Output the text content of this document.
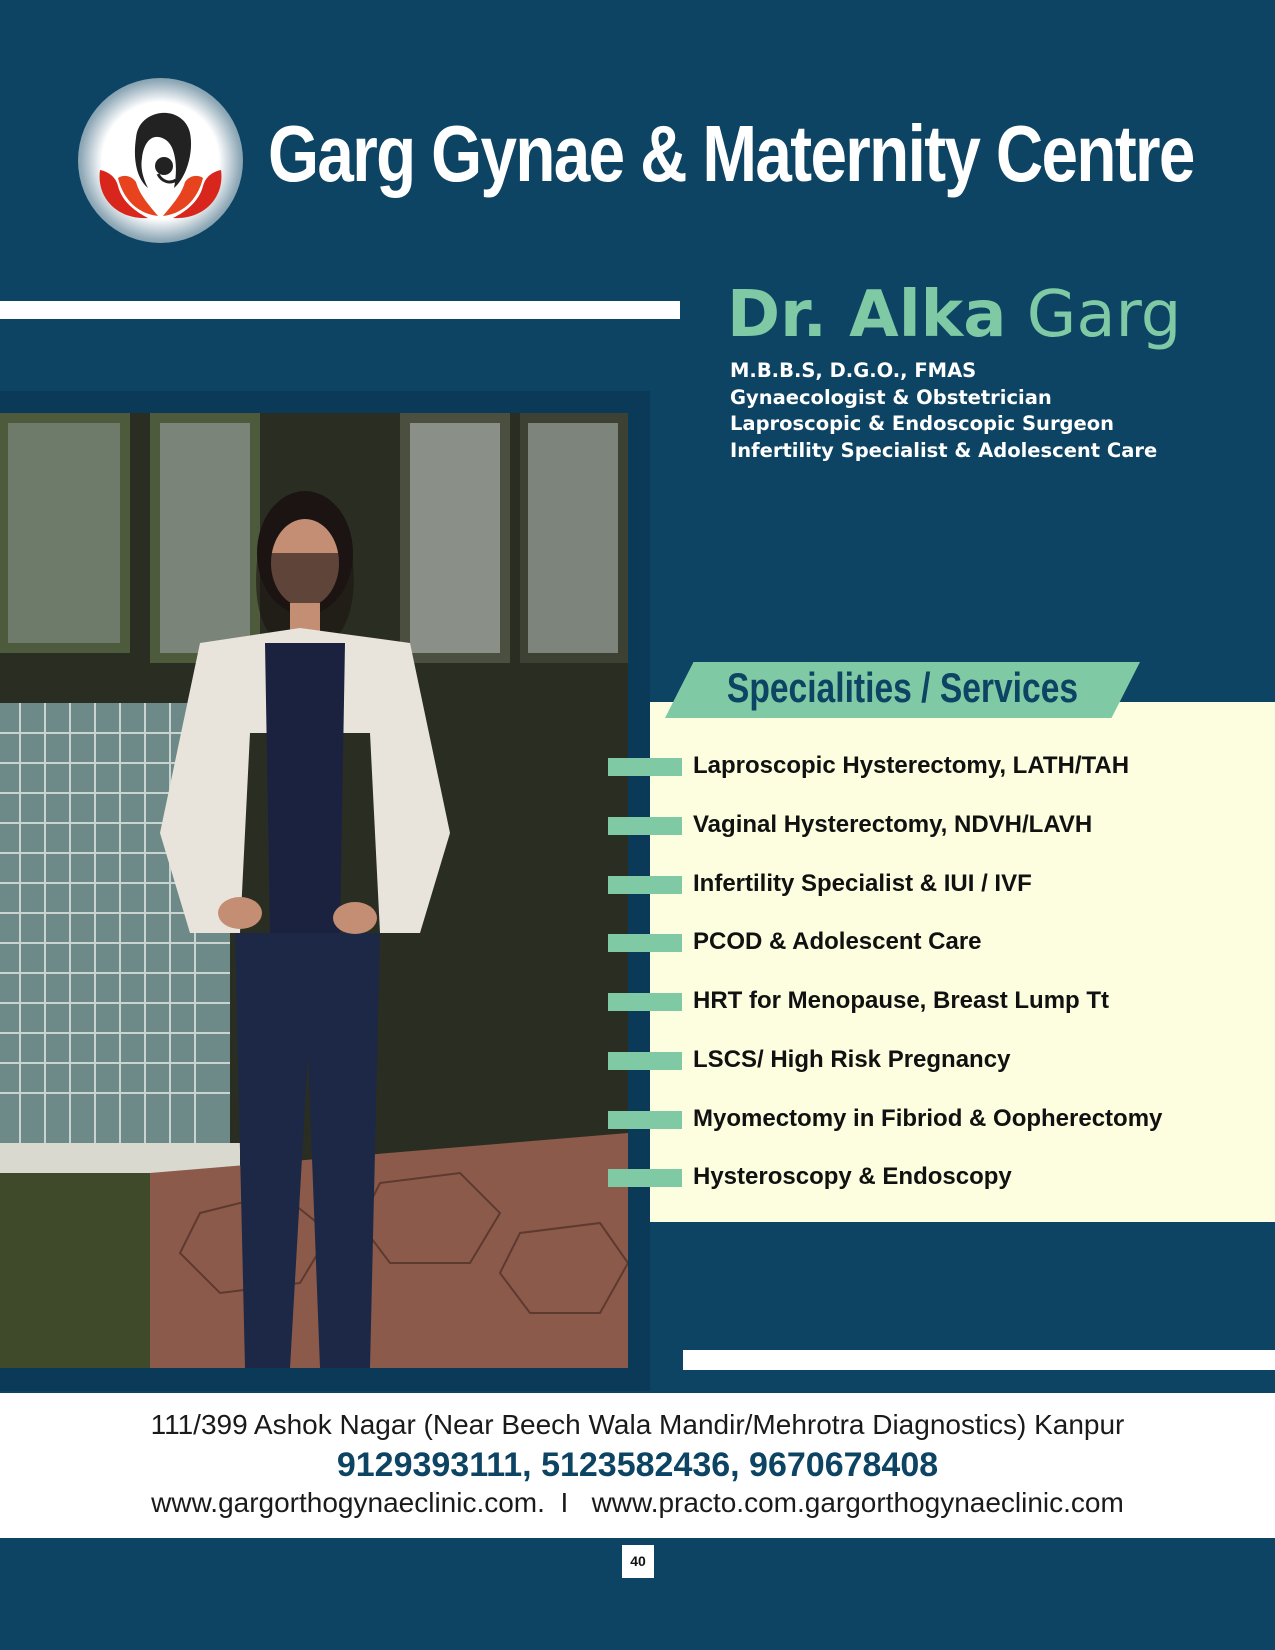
Garg Gynae & Maternity Centre
Dr. Alka Garg
M.B.B.S, D.G.O., FMAS
Gynaecologist & Obstetrician
Laproscopic & Endoscopic Surgeon
Infertility Specialist & Adolescent Care
Specialities / Services
Laproscopic Hysterectomy, LATH/TAH
Vaginal Hysterectomy, NDVH/LAVH
Infertility Specialist & IUI / IVF
PCOD & Adolescent Care
HRT for Menopause, Breast Lump Tt
LSCS/ High Risk Pregnancy
Myomectomy in Fibriod & Oopherectomy
Hysteroscopy & Endoscopy
111/399 Ashok Nagar (Near Beech Wala Mandir/Mehrotra Diagnostics) Kanpur
9129393111, 5123582436, 9670678408
www.gargorthogynaeclinic.com.  I   www.practo.com.gargorthogynaeclinic.com
40
